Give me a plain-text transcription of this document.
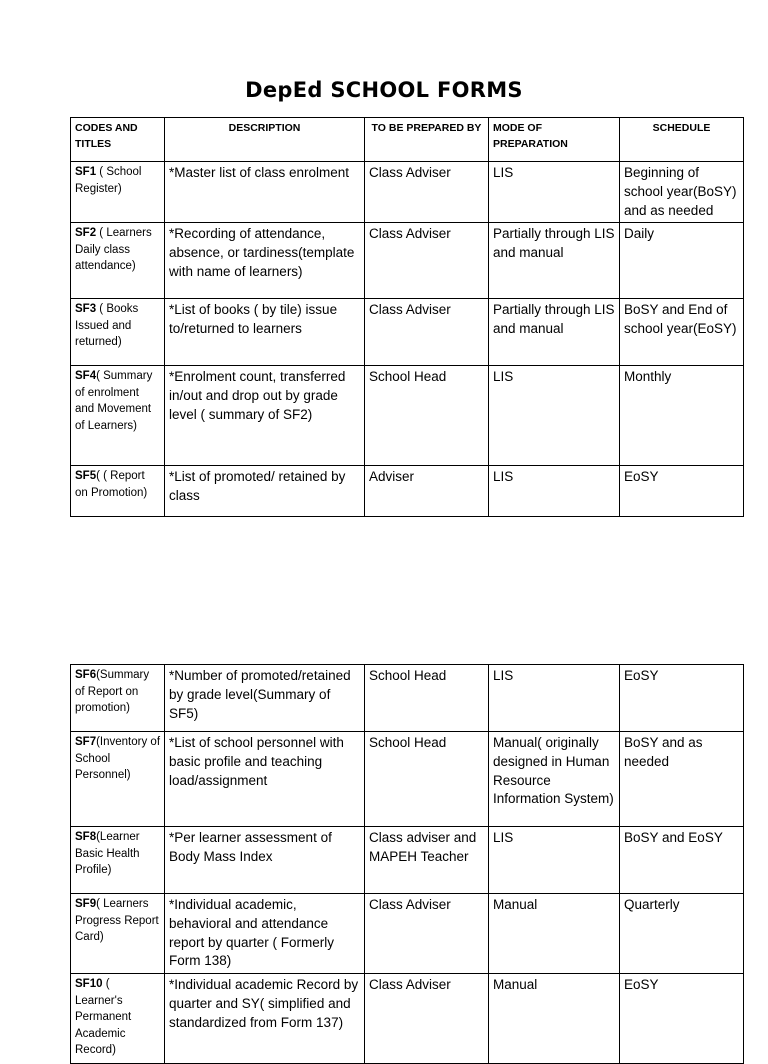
DepEd SCHOOL FORMS
CODES AND TITLES	DESCRIPTION	TO BE PREPARED BY	MODE OF PREPARATION	SCHEDULE
SF1 ( School Register)	*Master list of class enrolment	Class Adviser	LIS	Beginning of school year(BoSY) and as needed
SF2 ( Learners Daily class attendance)	*Recording of attendance, absence, or tardiness(template with name of learners)	Class Adviser	Partially through LIS and manual	Daily
SF3 ( Books Issued and returned)	*List of books ( by tile) issue to/returned to learners	Class Adviser	Partially through LIS and manual	BoSY and End of school year(EoSY)
SF4( Summary of enrolment and Movement of Learners)	*Enrolment count, transferred in/out and drop out by grade level ( summary of SF2)	School Head	LIS	Monthly
SF5( ( Report on Promotion)	*List of promoted/ retained by class	Adviser	LIS	EoSY
SF6(Summary of Report on promotion)	*Number of promoted/retained by grade level(Summary of SF5)	School Head	LIS	EoSY
SF7(Inventory of School Personnel)	*List of school personnel with basic profile and teaching load/assignment	School Head	Manual( originally designed in Human Resource Information System)	BoSY and as needed
SF8(Learner Basic Health Profile)	*Per learner assessment of Body Mass Index	Class adviser and MAPEH Teacher	LIS	BoSY and EoSY
SF9( Learners Progress Report Card)	*Individual academic, behavioral and attendance report by quarter ( Formerly Form 138)	Class Adviser	Manual	Quarterly
SF10 ( Learner's Permanent Academic Record)	*Individual academic Record by quarter and SY( simplified and standardized from Form 137)	Class Adviser	Manual	EoSY
